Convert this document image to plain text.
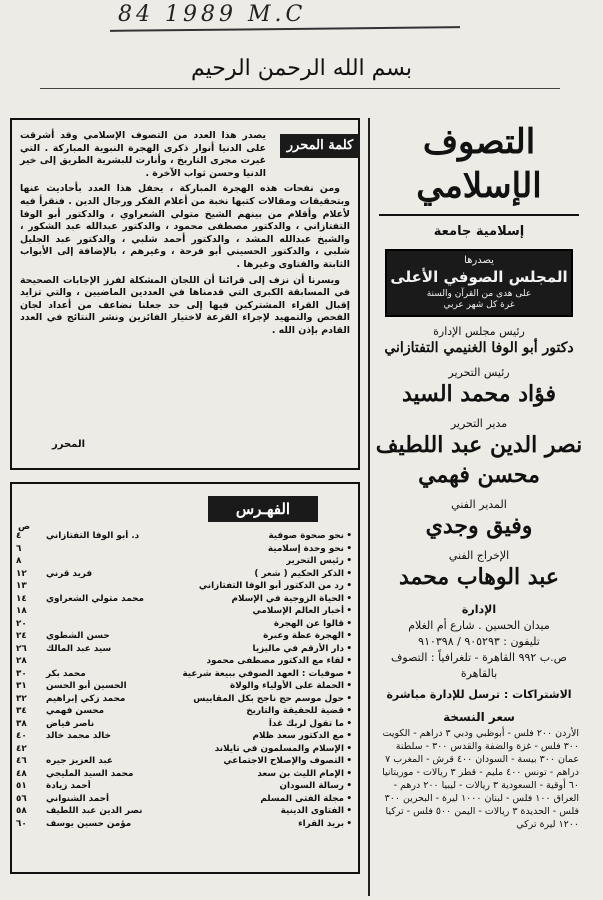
84 1989 M.C
بسم الله الرحمن الرحيم
التصوف الإسلامي
إسلامية جامعة
يصدرها
المجلس الصوفي الأعلى
على هدى من القرآن والسنة
غرة كل شهر عربي
رئيس مجلس الإدارة
دكتور أبو الوفا الغنيمي التفتازاني
رئيس التحرير
فؤاد محمد السيد
مدير التحرير
نصر الدين عبد اللطيف
محسن فهمي
المدير الفني
وفيق وجدي
الإخراج الفني
عبد الوهاب محمد
الإدارة
ميدان الحسين . شارع أم الغلام
تليفون : ٩٠٥٢٩٣ / ٩١٠٣٩٨
ص.ب ٩٩٢ القاهرة - تلغرافياً : التصوف بالقاهرة
الاشتراكات : ترسل للإدارة مباشرة
سعر النسخة
الأردن ٢٠٠ فلس - أبوظبي ودبي ٣ دراهم - الكويت ٣٠٠ فلس - غزة والضفة والقدس ٣٠٠ - سلطنة عمان ٣٠٠ بيسة - السودان ٤٠٠ قرش - المغرب ٧ دراهم - تونس ٤٠٠ مليم - قطر ٣ ريالات - موريتانيا ٦٠ أوقية - السعودية ٣ ريالات - ليبيا ٢٠٠ درهم - العراق ١٠٠ فلس - لبنان ١٠٠٠ ليرة - البحرين ٣٠٠ فلس - الحديدة ٣ ريالات - اليمن ٥٠٠ فلس - تركيا ١٢٠٠ ليرة تركي
كلمة المحرر

يصدر هذا العدد من التصوف الإسلامي وقد أشرقت على الدنيا أنوار ذكرى الهجرة النبوية المباركة . التي غيرت مجرى التاريخ ، وأنارت للبشرية الطريق إلى خير الدنيا وحسن ثواب الآخرة .

ومن نفحات هذه الهجرة المباركة ، يحفل هذا العدد بأحاديث عنها وبتحقيقات ومقالات كتبها نخبة من أعلام الفكر ورجال الدين . فنقرأ فيه لأعلام وأقلام من بينهم الشيخ متولي الشعراوي ، والدكتور أبو الوفا التفتازاني ، والدكتور مصطفى محمود ، والدكتور عبدالله عبد الشكور ، والشيخ عبدالله المشد ، والدكتور أحمد شلبي ، والدكتور عبد الجليل شلبي ، والدكتور الحسيني أبو فرحة ، وغيرهم ، بالإضافة إلى الأبواب الثابتة والفتاوى وغيرها .

ويسرنا أن نزف إلى قرائنا أن اللجان المشكلة لفرز الإجابات الصحيحة في المسابقة الكبرى التي قدمناها في العددين الماضيين ، والتي تزايد إقبال القراء المشتركين فيها إلى حد جعلنا نضاعف من أعداد لجان الفحص والتمهيد لإجراء القرعة لاختيار الفائزين ونشر النتائج في العدد القادم بإذن الله .

المحرر
الفهـرس
ص
•
نحو صحوة صوفية
د. أبو الوفا التفتازاني
٤
•
نحو وحدة إسلامية
٦
•
رئيس التحرير
٨
•
الذكر الحكيم ( شعر )
فريد قرني
١٢
•
رد من الدكتور أبو الوفا التفتازاني
١٣
•
الحياة الزوجية في الإسلام
محمد متولي الشعراوي
١٤
•
أخبار العالم الإسلامي
١٨
•
قالوا عن الهجرة
٢٠
•
الهجرة عظة وعبرة
حسن الشطوي
٢٤
•
دار الأرقم في ماليزيا
سيد عبد المالك
٢٦
•
لقاء مع الدكتور مصطفى محمود
٢٨
•
صوفيات : العهد الصوفي ببيعة شرعية
محمد بكر
٣٠
•
الحملة على الأولياء والولاة
الحسين أبو الحسن
٣١
•
حول موسم حج ناجح بكل المقاييس
محمد زكي إبراهيم
٣٢
•
قضية للحقيقة والتاريخ
محسن فهمي
٣٤
•
ما تقول لربك غداً
ناصر فياض
٣٨
•
مع الدكتور سعد ظلام
خالد محمد خالد
٤٠
•
الإسلام والمسلمون في تايلاند
٤٢
•
التصوف والإصلاح الاجتماعي
عبد العزيز جيره
٤٦
•
الإمام الليث بن سعد
محمد السيد المليجي
٤٨
•
رسالة السودان
أحمد زيادة
٥١
•
مجلة الفتى المسلم
أحمد الشنواني
٥٦
•
الفتاوى الدينية
نصر الدين عبد اللطيف
٥٨
•
بريد القراء
مؤمن حسين يوسف
٦٠
